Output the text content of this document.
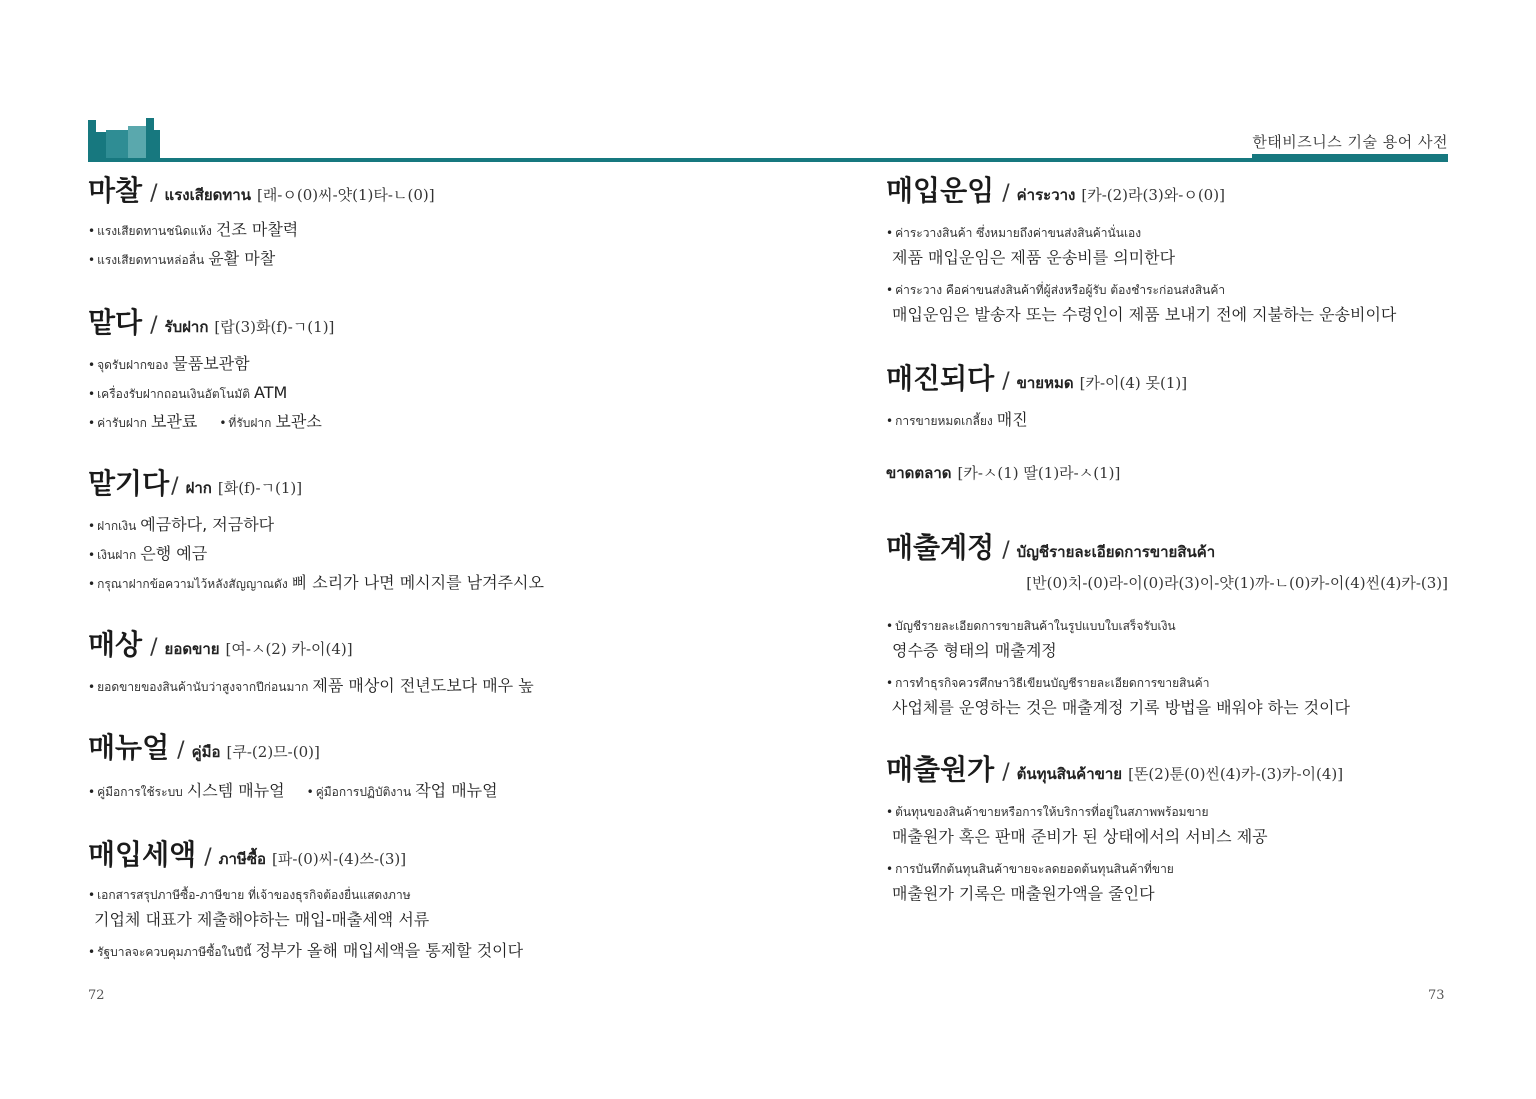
한태비즈니스 기술 용어 사전
마찰 / แรงเสียดทาน [래-ㅇ(0)씨-얏(1)타-ㄴ(0)]
• แรงเสียดทานชนิดแห้ง 건조 마찰력
• แรงเสียดทานหล่อลื่น 윤활 마찰
맡다 / รับฝาก [랍(3)화(f)-ㄱ(1)]
• จุดรับฝากของ 물품보관함
• เครื่องรับฝากถอนเงินอัตโนมัติ ATM
• ค่ารับฝาก 보관료 • ที่รับฝาก 보관소
맡기다 / ฝาก [화(f)-ㄱ(1)]
• ฝากเงิน 예금하다, 저금하다
• เงินฝาก 은행 예금
• กรุณาฝากข้อความไว้หลังสัญญาณดัง 삐 소리가 나면 메시지를 남겨주시오
매상 / ยอดขาย [여-ㅅ(2) 카-이(4)]
• ยอดขายของสินค้านับว่าสูงจากปีก่อนมาก 제품 매상이 전년도보다 매우 높
매뉴얼 / คู่มือ [쿠-(2)므-(0)]
• คู่มือการใช้ระบบ 시스템 매뉴얼 • คู่มือการปฏิบัติงาน 작업 매뉴얼
매입세액 / ภาษีซื้อ [파-(0)씨-(4)쓰-(3)]
• เอกสารสรุปภาษีซื้อ-ภาษีขาย ที่เจ้าของธุรกิจต้องยื่นแสดงภาษ
기업체 대표가 제출해야하는 매입-매출세액 서류
• รัฐบาลจะควบคุมภาษีซื้อในปีนี้ 정부가 올해 매입세액을 통제할 것이다
매입운임 / ค่าระวาง [카-(2)라(3)와-ㅇ(0)]
• ค่าระวางสินค้า ซึ่งหมายถึงค่าขนส่งสินค้านั่นเอง
제품 매입운임은 제품 운송비를 의미한다
• ค่าระวาง คือค่าขนส่งสินค้าที่ผู้ส่งหรือผู้รับ ต้องชำระก่อนส่งสินค้า
매입운임은 발송자 또는 수령인이 제품 보내기 전에 지불하는 운송비이다
매진되다 / ขายหมด [카-이(4) 못(1)]
• การขายหมดเกลี้ยง 매진
ขาดตลาด [카-ㅅ(1) 딸(1)라-ㅅ(1)]
매출계정 / บัญชีรายละเอียดการขายสินค้า
[반(0)치-(0)라-이(0)라(3)이-얏(1)까-ㄴ(0)카-이(4)씬(4)카-(3)]
• บัญชีรายละเอียดการขายสินค้าในรูปแบบใบเสร็จรับเงิน
영수증 형태의 매출계정
• การทำธุรกิจควรศึกษาวิธีเขียนบัญชีรายละเอียดการขายสินค้า
사업체를 운영하는 것은 매출계정 기록 방법을 배워야 하는 것이다
매출원가 / ต้นทุนสินค้าขาย [똔(2)툰(0)씬(4)카-(3)카-이(4)]
• ต้นทุนของสินค้าขายหรือการให้บริการที่อยู่ในสภาพพร้อมขาย
매출원가 혹은 판매 준비가 된 상태에서의 서비스 제공
• การบันทึกต้นทุนสินค้าขายจะลดยอดต้นทุนสินค้าที่ขาย
매출원가 기록은 매출원가액을 줄인다
72	73
